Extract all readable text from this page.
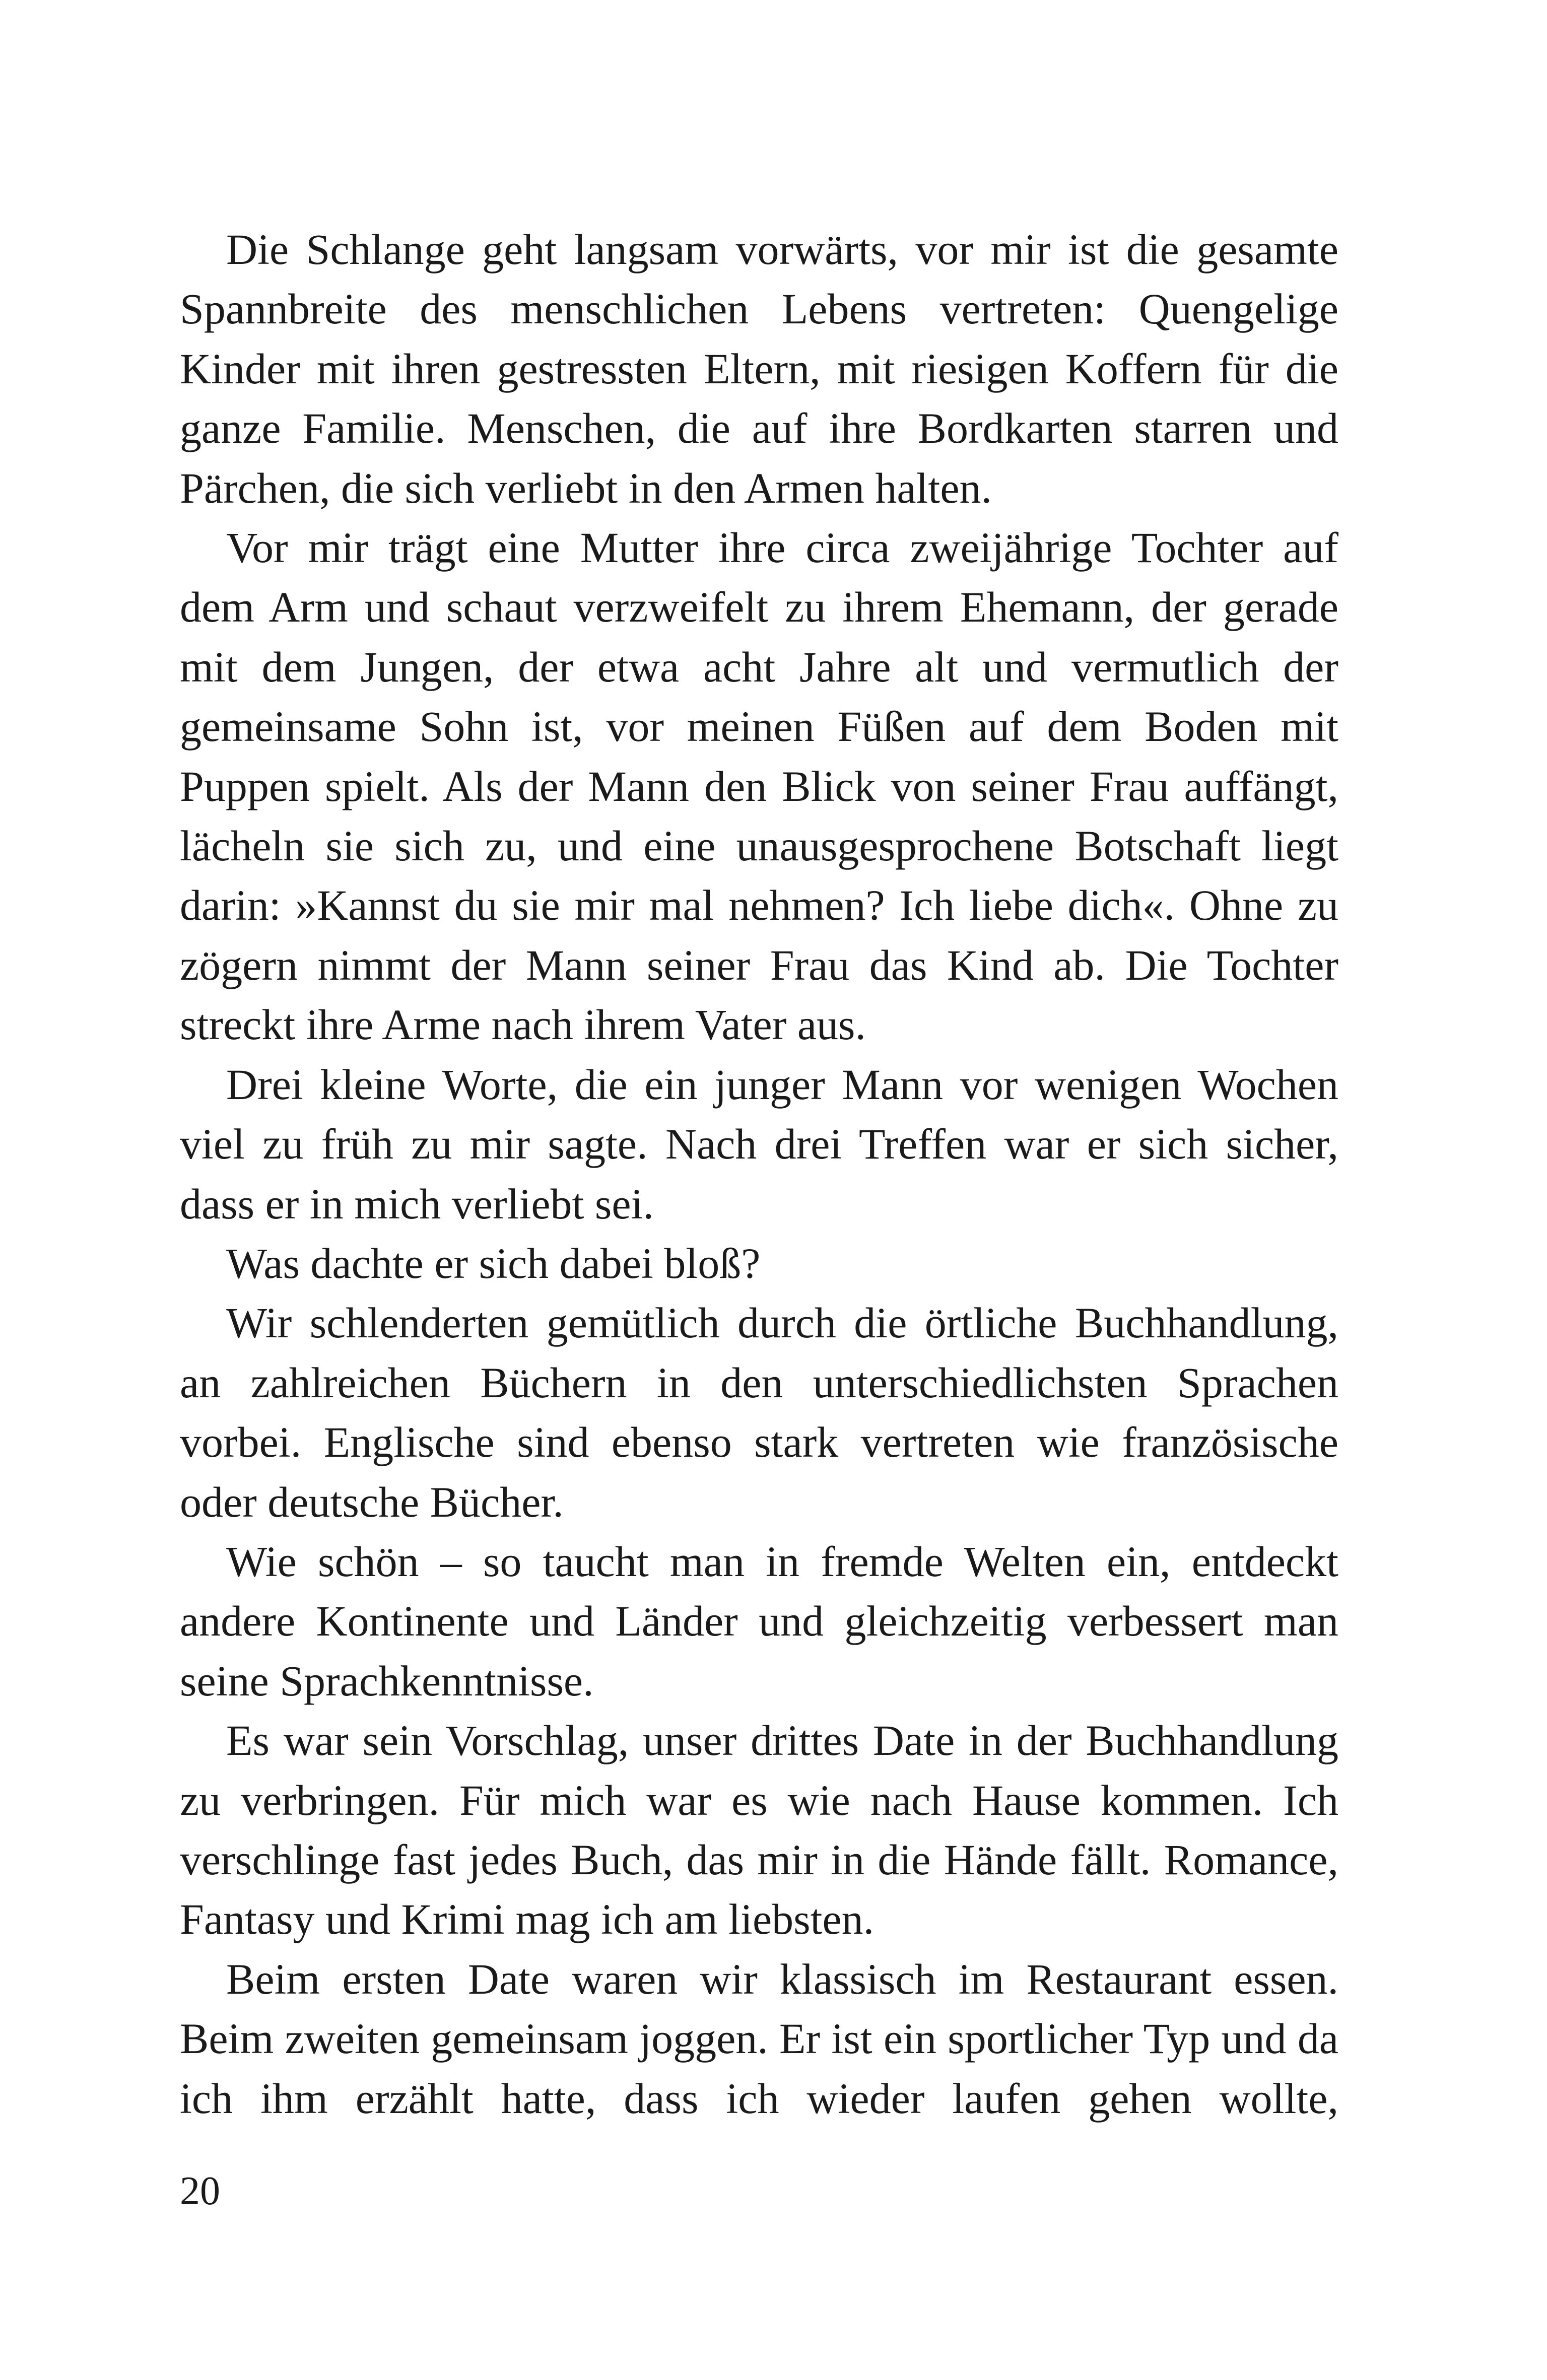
Die Schlange geht langsam vorwärts, vor mir ist die gesamte Spannbreite des menschlichen Lebens vertreten: Quengelige Kinder mit ihren gestressten Eltern, mit riesigen Koffern für die ganze Familie. Menschen, die auf ihre Bordkarten starren und Pärchen, die sich verliebt in den Armen halten.

Vor mir trägt eine Mutter ihre circa zweijährige Tochter auf dem Arm und schaut verzweifelt zu ihrem Ehemann, der gerade mit dem Jungen, der etwa acht Jahre alt und vermutlich der gemeinsame Sohn ist, vor meinen Füßen auf dem Boden mit Puppen spielt. Als der Mann den Blick von seiner Frau auffängt, lächeln sie sich zu, und eine unausgesprochene Botschaft liegt darin: »Kannst du sie mir mal nehmen? Ich liebe dich«. Ohne zu zögern nimmt der Mann seiner Frau das Kind ab. Die Tochter streckt ihre Arme nach ihrem Vater aus.

Drei kleine Worte, die ein junger Mann vor wenigen Wochen viel zu früh zu mir sagte. Nach drei Treffen war er sich sicher, dass er in mich verliebt sei.

Was dachte er sich dabei bloß?

Wir schlenderten gemütlich durch die örtliche Buchhandlung, an zahlreichen Büchern in den unterschiedlichsten Sprachen vorbei. Englische sind ebenso stark vertreten wie französische oder deutsche Bücher.

Wie schön – so taucht man in fremde Welten ein, entdeckt andere Kontinente und Länder und gleichzeitig verbessert man seine Sprachkenntnisse.

Es war sein Vorschlag, unser drittes Date in der Buchhandlung zu verbringen. Für mich war es wie nach Hause kommen. Ich verschlinge fast jedes Buch, das mir in die Hände fällt. Romance, Fantasy und Krimi mag ich am liebsten.

Beim ersten Date waren wir klassisch im Restaurant essen. Beim zweiten gemeinsam joggen. Er ist ein sportlicher Typ und da ich ihm erzählt hatte, dass ich wieder laufen gehen wollte,

20
